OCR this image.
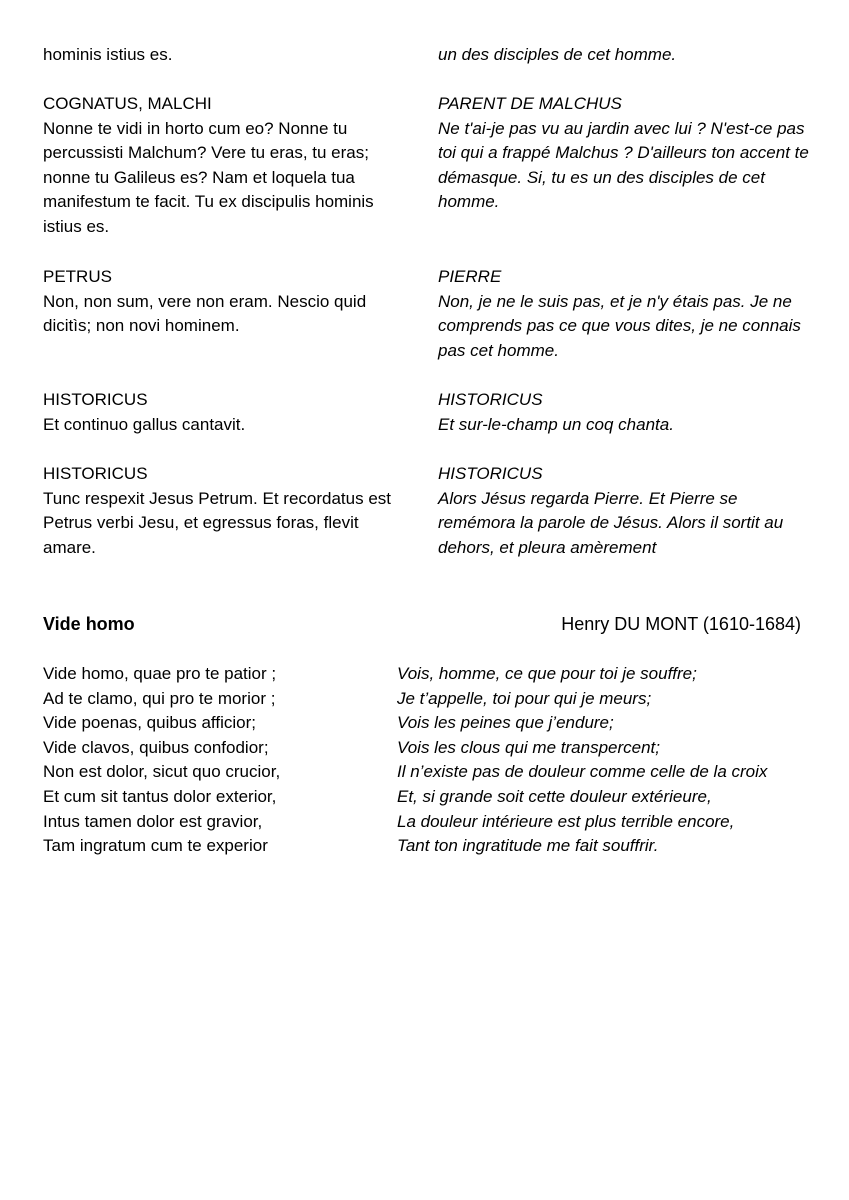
hominis istius es.	un des disciples de cet homme.

COGNATUS, MALCHI

Nonne te vidi in horto cum eo? Nonne tu percussisti Malchum? Vere tu eras, tu eras; nonne tu Galileus es? Nam et loquela tua manifestum te facit. Tu ex discipulis hominis istius es.

PARENT DE MALCHUS

Ne t'ai-je pas vu au jardin avec lui ? N'est-ce pas toi qui a frappé Malchus ? D'ailleurs ton accent te démasque. Si, tu es un des disciples de cet homme.

PETRUS

Non, non sum, vere non eram. Nescio quid dicitìs; non novi hominem.

PIERRE

Non, je ne le suis pas, et je n'y étais pas. Je ne comprends pas ce que vous dites, je ne connais pas cet homme.

HISTORICUS

Et continuo gallus cantavit.

HISTORICUS

Et sur-le-champ un coq chanta.

HISTORICUS

Tunc respexit Jesus Petrum. Et recordatus est Petrus verbi Jesu, et egressus foras, flevit amare.

HISTORICUS

Alors Jésus regarda Pierre. Et Pierre se remémora la parole de Jésus. Alors il sortit au dehors, et pleura amèrement

Vide homo	Henry DU MONT (1610-1684)
Vide homo, quae pro te patior ;
Ad te clamo, qui pro te morior ;
Vide poenas, quibus afficior;
Vide clavos, quibus confodior;
Non est dolor, sicut quo crucior,
Et cum sit tantus dolor exterior,
Intus tamen dolor est gravior,
Tam ingratum cum te experior
Vois, homme, ce que pour toi je souffre;
Je t’appelle, toi pour qui je meurs;
Vois les peines que j’endure;
Vois les clous qui me transpercent;
Il n’existe pas de douleur comme celle de la croix
Et, si grande soit cette douleur extérieure,
La douleur intérieure est plus terrible encore,
Tant ton ingratitude me fait souffrir.
